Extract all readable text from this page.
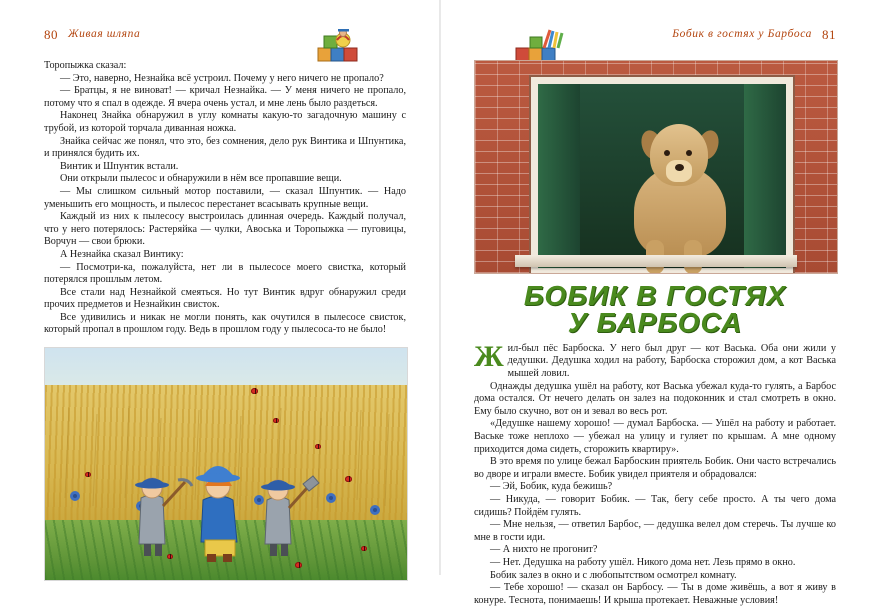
80 Живая шляпа

Торопыжка сказал:

— Это, наверно, Незнайка всё устроил. Почему у него ничего не пропало?

— Братцы, я не виноват! — кричал Незнайка. — У меня ничего не пропало, потому что я спал в одежде. Я вчера очень устал, и мне лень было раздеться.

Наконец Знайка обнаружил в углу комнаты какую-то загадочную машину с трубой, из которой торчала диванная ножка.

Знайка сейчас же понял, что это, без сомнения, дело рук Винтика и Шпунтика, и принялся будить их.

Винтик и Шпунтик встали.

Они открыли пылесос и обнаружили в нём все пропавшие вещи.

— Мы слишком сильный мотор поставили, — сказал Шпунтик. — Надо уменьшить его мощность, и пылесос перестанет всасывать крупные вещи.

Каждый из них к пылесосу выстроилась длинная очередь. Каждый получал, что у него потерялось: Растеряйка — чулки, Авоська и Торопыжка — пуговицы, Ворчун — свои брюки.

А Незнайка сказал Винтику:

— Посмотри-ка, пожалуйста, нет ли в пылесосе моего свистка, который потерялся прошлым летом.

Все стали над Незнайкой смеяться. Но тут Винтик вдруг обнаружил среди прочих предметов и Незнайкин свисток.

Все удивились и никак не могли понять, как очутился в пылесосе свисток, который пропал в прошлом году. Ведь в прошлом году у пылесоса-то не было!

Бобик в гостях у Барбоса 81
БОБИК В ГОСТЯХ
У БАРБОСА

Жил-был пёс Барбоска. У него был друг — кот Васька. Оба они жили у дедушки. Дедушка ходил на работу, Барбоска сторожил дом, а кот Васька мышей ловил.

Однажды дедушка ушёл на работу, кот Васька убежал куда-то гулять, а Барбос дома остался. От нечего делать он залез на подоконник и стал смотреть в окно. Ему было скучно, вот он и зевал во весь рот.

«Дедушке нашему хорошо! — думал Барбоска. — Ушёл на работу и работает. Ваське тоже неплохо — убежал на улицу и гуляет по крышам. А мне одному приходится дома сидеть, сторожить квартиру».

В это время по улице бежал Барбоскин приятель Бобик. Они часто встречались во дворе и играли вместе. Бобик увидел приятеля и обрадовался:

— Эй, Бобик, куда бежишь?

— Никуда, — говорит Бобик. — Так, бегу себе просто. А ты чего дома сидишь? Пойдём гулять.

— Мне нельзя, — ответил Барбос, — дедушка велел дом стеречь. Ты лучше ко мне в гости иди.

— А нихто не прогонит?

— Нет. Дедушка на работу ушёл. Никого дома нет. Лезь прямо в окно.

Бобик залез в окно и с любопытством осмотрел комнату.

— Тебе хорошо! — сказал он Барбосу. — Ты в доме живёшь, а вот я живу в конуре. Теснота, понимаешь! И крыша протекает. Неважные условия!
